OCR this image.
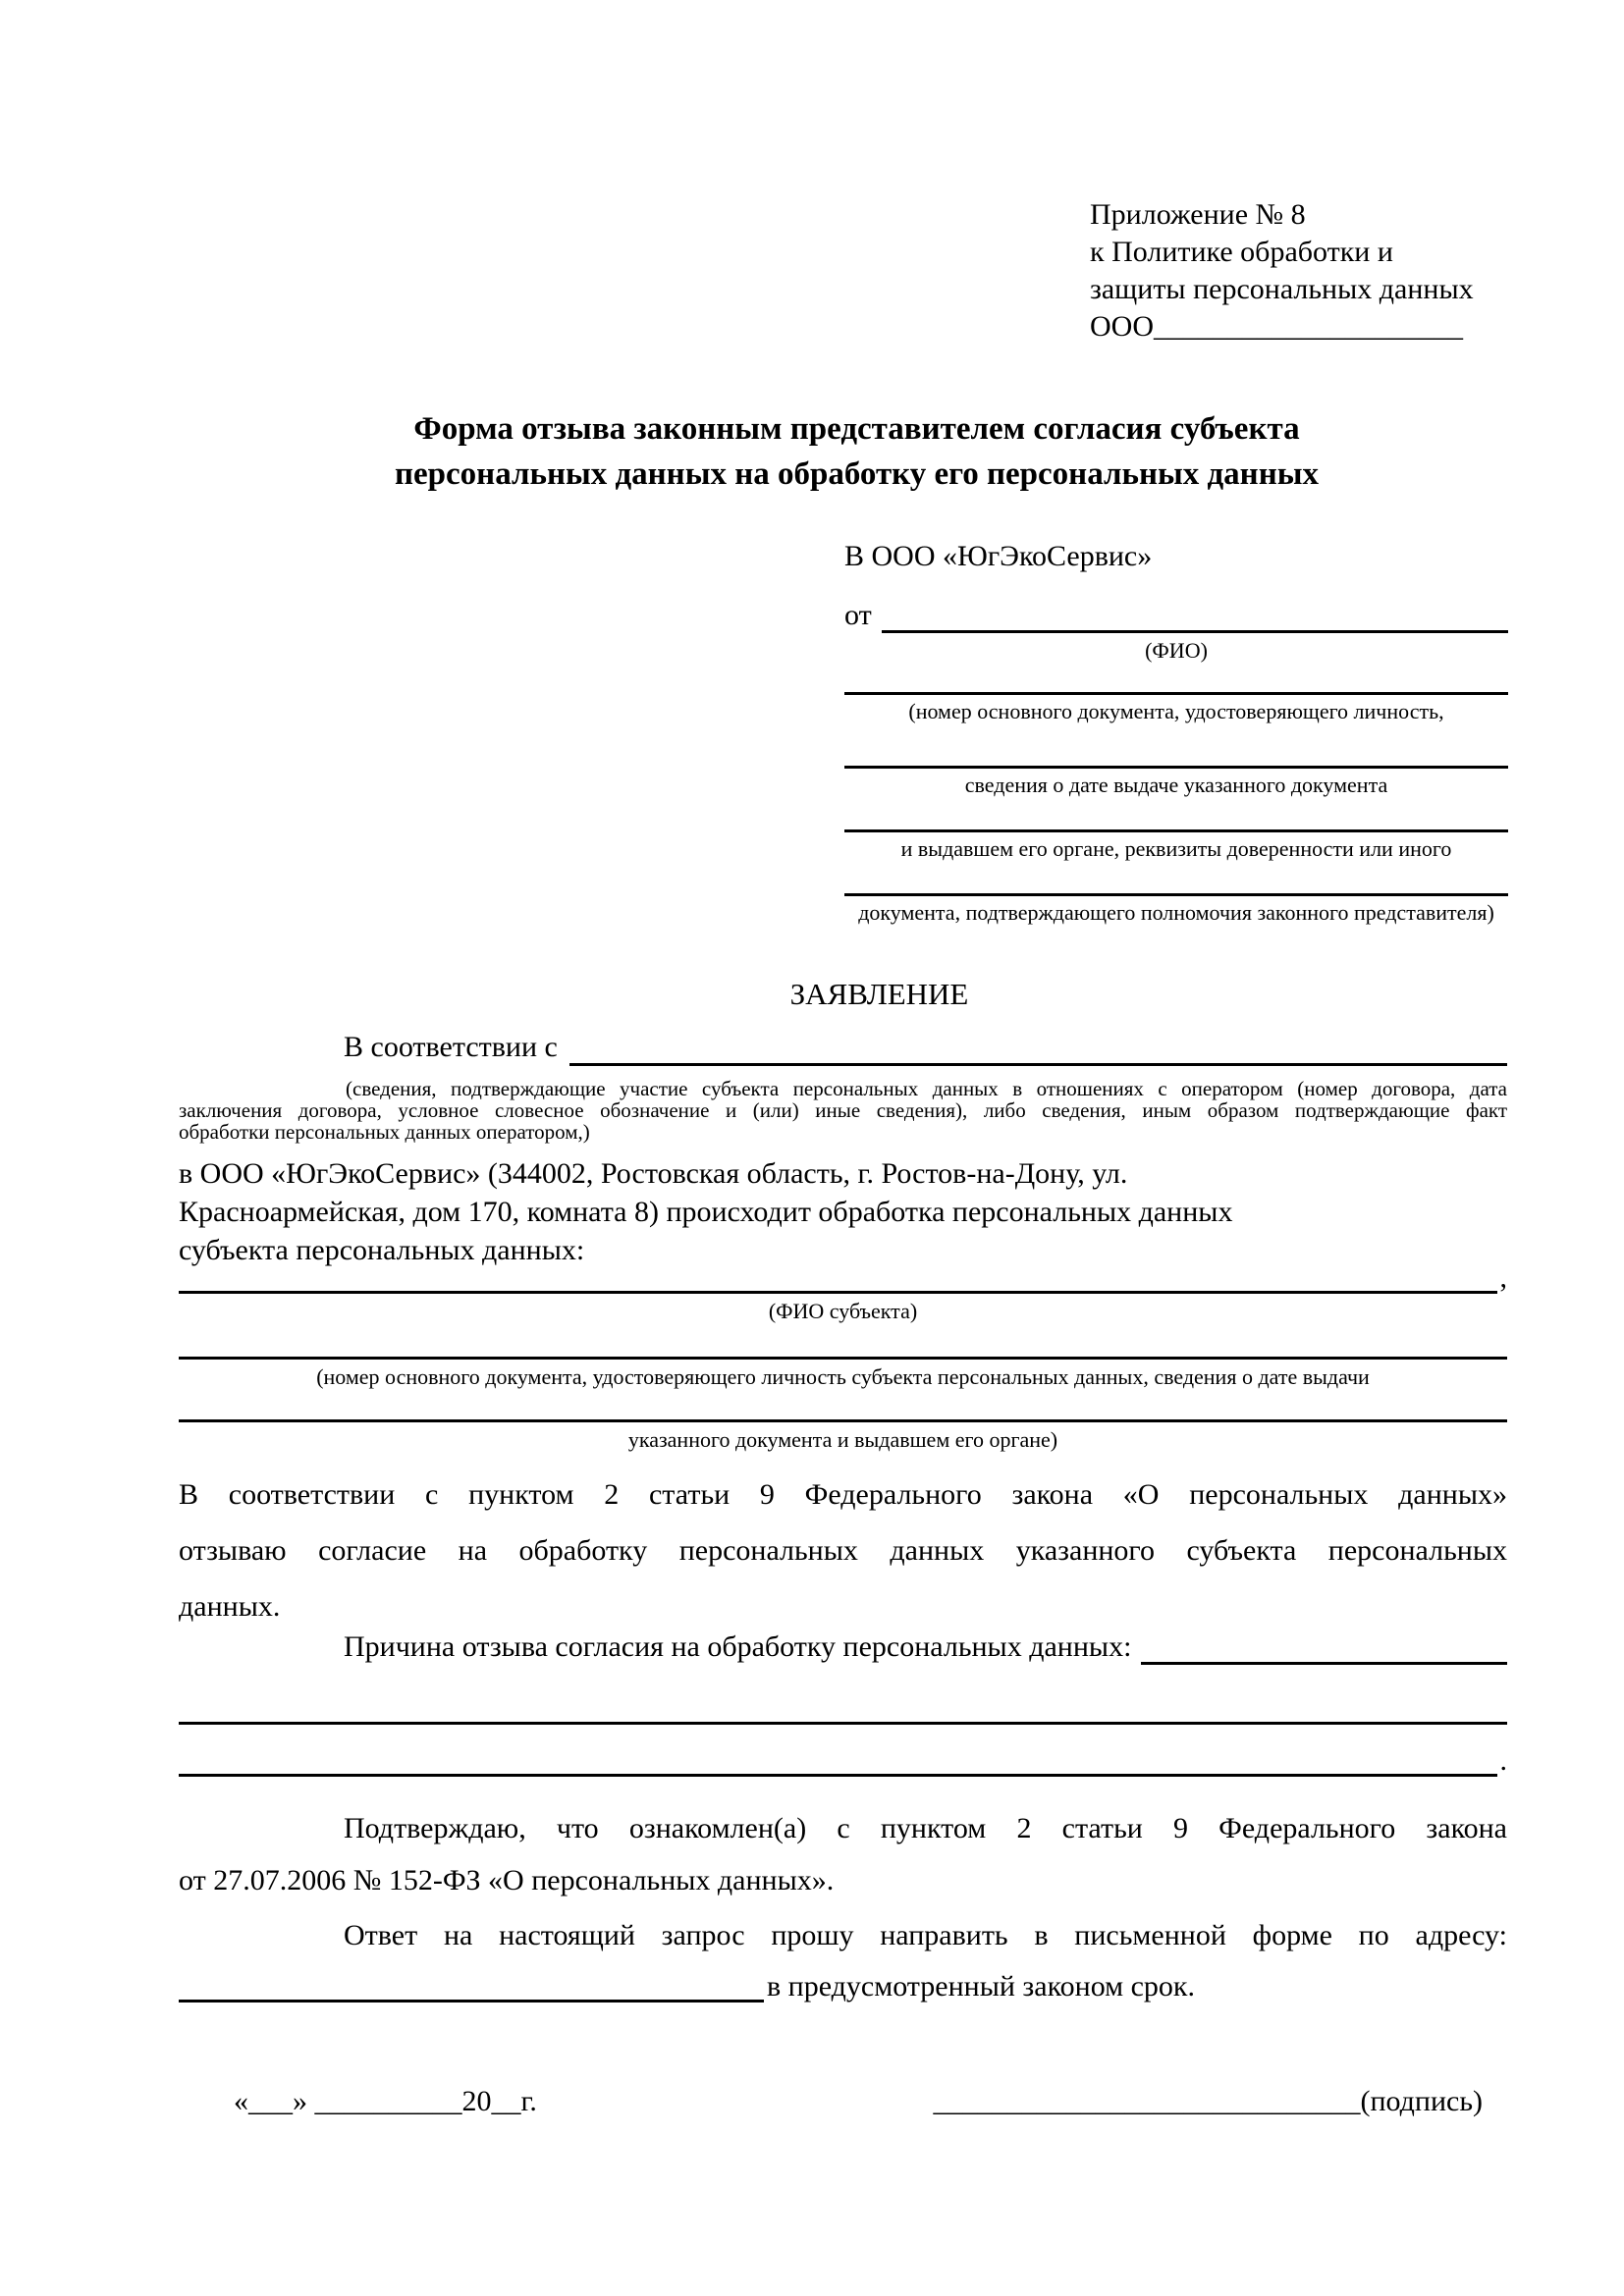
Приложение № 8
к Политике обработки и
защиты персональных данных
ООО_____________________
Форма отзыва законным представителем согласия субъекта
персональных данных на обработку его персональных данных
В ООО «ЮгЭкоСервис»
от
(ФИО)
(номер основного документа, удостоверяющего личность,
сведения о дате выдаче указанного документа
и выдавшем его органе, реквизиты доверенности или иного
документа, подтверждающего полномочия законного представителя)
ЗАЯВЛЕНИЕ
В соответствии с
(сведения, подтверждающие участие субъекта персональных данных в отношениях с оператором (номер договора, дата
заключения договора, условное словесное обозначение и (или) иные сведения), либо сведения, иным образом подтверждающие факт
обработки персональных данных оператором,)
в ООО «ЮгЭкоСервис» (344002, Ростовская область, г. Ростов-на-Дону, ул.
Красноармейская, дом 170, комната 8) происходит обработка персональных данных
субъекта персональных данных:
,
(ФИО субъекта)
(номер основного документа, удостоверяющего личность субъекта персональных данных, сведения о дате выдачи
указанного документа и выдавшем его органе)
В соответствии с пунктом 2 статьи 9 Федерального закона «О персональных данных»
отзываю согласие на обработку персональных данных указанного субъекта персональных
данных.
Причина отзыва согласия на обработку персональных данных:
.
Подтверждаю, что ознакомлен(а) с пунктом 2 статьи 9 Федерального закона
от 27.07.2006 № 152-ФЗ «О персональных данных».
Ответ на настоящий запрос прошу направить в письменной форме по адресу:
в предусмотренный законом срок.
«___» __________20__г.	_____________________________(подпись)
